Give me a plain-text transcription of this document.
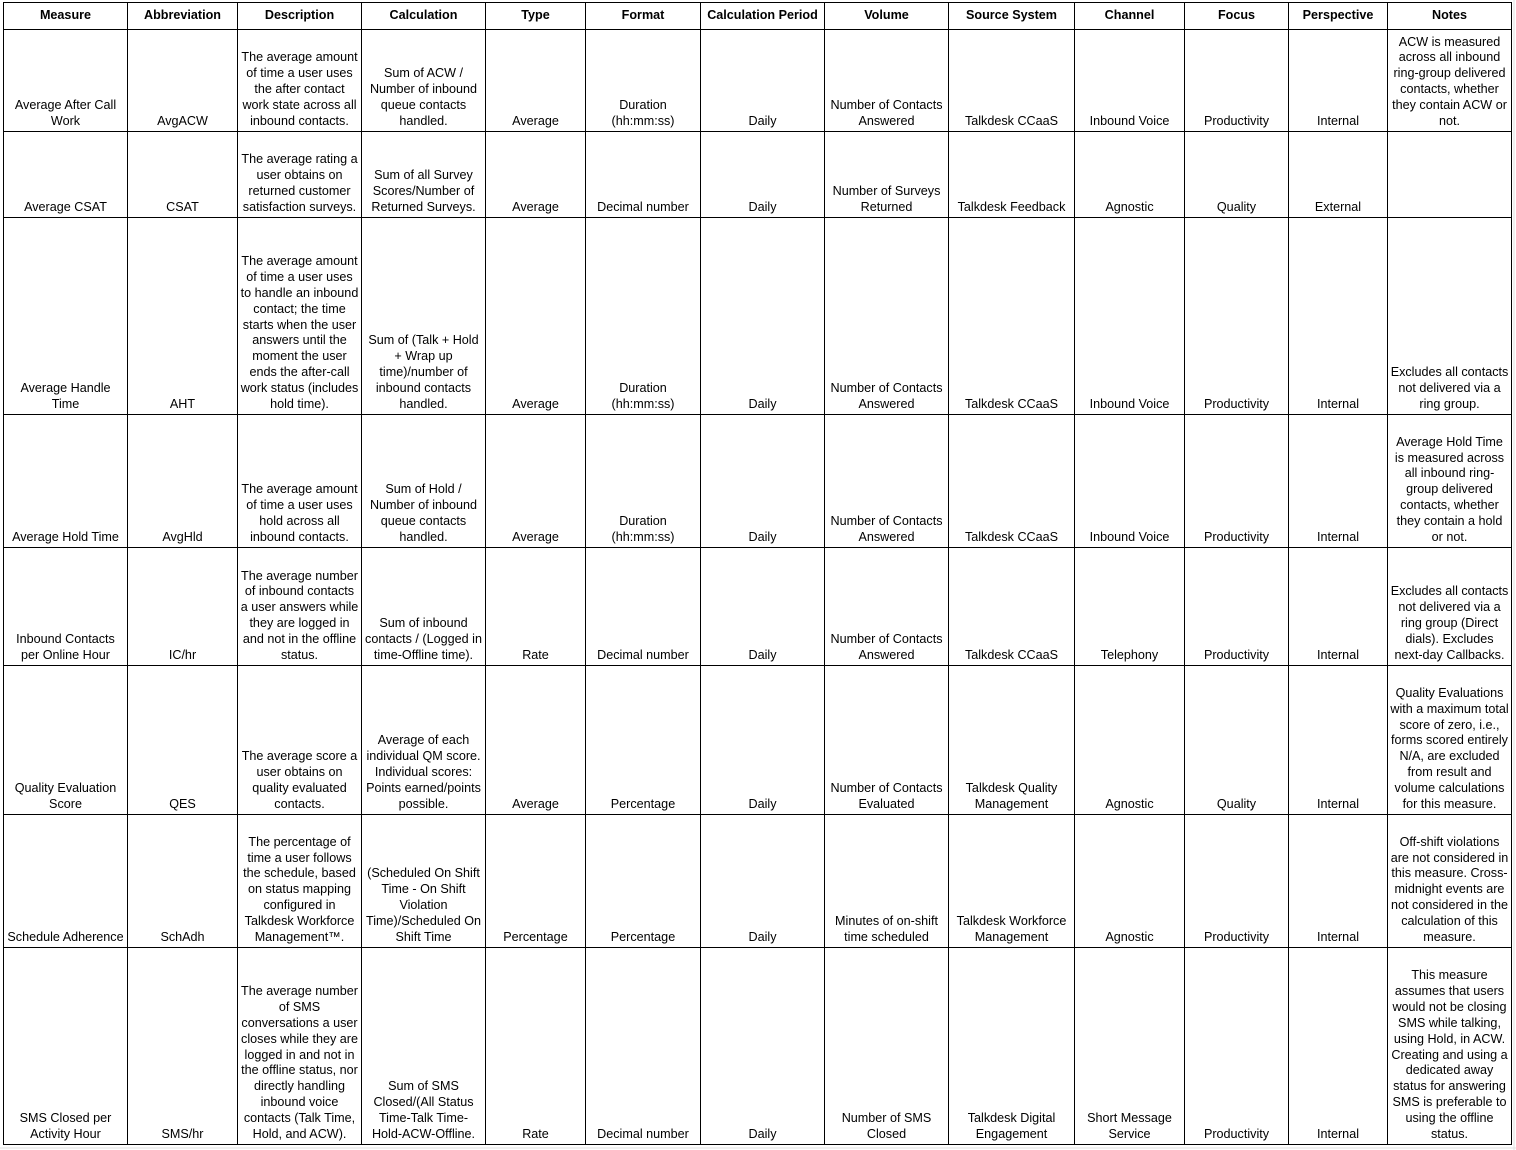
Measure	Abbreviation	Description	Calculation	Type	Format	Calculation Period	Volume	Source System	Channel	Focus	Perspective	Notes
Average After Call Work	AvgACW	The average amount of time a user uses the after contact work state across all inbound contacts.	Sum of ACW / Number of inbound queue contacts handled.	Average	Duration (hh:mm:ss)	Daily	Number of Contacts Answered	Talkdesk CCaaS	Inbound Voice	Productivity	Internal	ACW is measured across all inbound ring-group delivered contacts, whether they contain ACW or not.
Average CSAT	CSAT	The average rating a user obtains on returned customer satisfaction surveys.	Sum of all Survey Scores/Number of Returned Surveys.	Average	Decimal number	Daily	Number of Surveys Returned	Talkdesk Feedback	Agnostic	Quality	External	
Average Handle Time	AHT	The average amount of time a user uses to handle an inbound contact; the time starts when the user answers until the moment the user ends the after-call work status (includes hold time).	Sum of (Talk + Hold + Wrap up time)/number of inbound contacts handled.	Average	Duration (hh:mm:ss)	Daily	Number of Contacts Answered	Talkdesk CCaaS	Inbound Voice	Productivity	Internal	Excludes all contacts not delivered via a ring group.
Average Hold Time	AvgHld	The average amount of time a user uses hold across all inbound contacts.	Sum of Hold / Number of inbound queue contacts handled.	Average	Duration (hh:mm:ss)	Daily	Number of Contacts Answered	Talkdesk CCaaS	Inbound Voice	Productivity	Internal	Average Hold Time is measured across all inbound ring-group delivered contacts, whether they contain a hold or not.
Inbound Contacts per Online Hour	IC/hr	The average number of inbound contacts a user answers while they are logged in and not in the offline status.	Sum of inbound contacts / (Logged in time-Offline time).	Rate	Decimal number	Daily	Number of Contacts Answered	Talkdesk CCaaS	Telephony	Productivity	Internal	Excludes all contacts not delivered via a ring group (Direct dials). Excludes next-day Callbacks.
Quality Evaluation Score	QES	The average score a user obtains on quality evaluated contacts.	Average of each individual QM score. Individual scores: Points earned/points possible.	Average	Percentage	Daily	Number of Contacts Evaluated	Talkdesk Quality Management	Agnostic	Quality	Internal	Quality Evaluations with a maximum total score of zero, i.e., forms scored entirely N/A, are excluded from result and volume calculations for this measure.
Schedule Adherence	SchAdh	The percentage of time a user follows the schedule, based on status mapping configured in Talkdesk Workforce Management™.	(Scheduled On Shift Time - On Shift Violation Time)/Scheduled On Shift Time	Percentage	Percentage	Daily	Minutes of on-shift time scheduled	Talkdesk Workforce Management	Agnostic	Productivity	Internal	Off-shift violations are not considered in this measure. Cross-midnight events are not considered in the calculation of this measure.
SMS Closed per Activity Hour	SMS/hr	The average number of SMS conversations a user closes while they are logged in and not in the offline status, nor directly handling inbound voice contacts (Talk Time, Hold, and ACW).	Sum of SMS Closed/(All Status Time-Talk Time-Hold-ACW-Offline.	Rate	Decimal number	Daily	Number of SMS Closed	Talkdesk Digital Engagement	Short Message Service	Productivity	Internal	This measure assumes that users would not be closing SMS while talking, using Hold, in ACW. Creating and using a dedicated away status for answering SMS is preferable to using the offline status.
